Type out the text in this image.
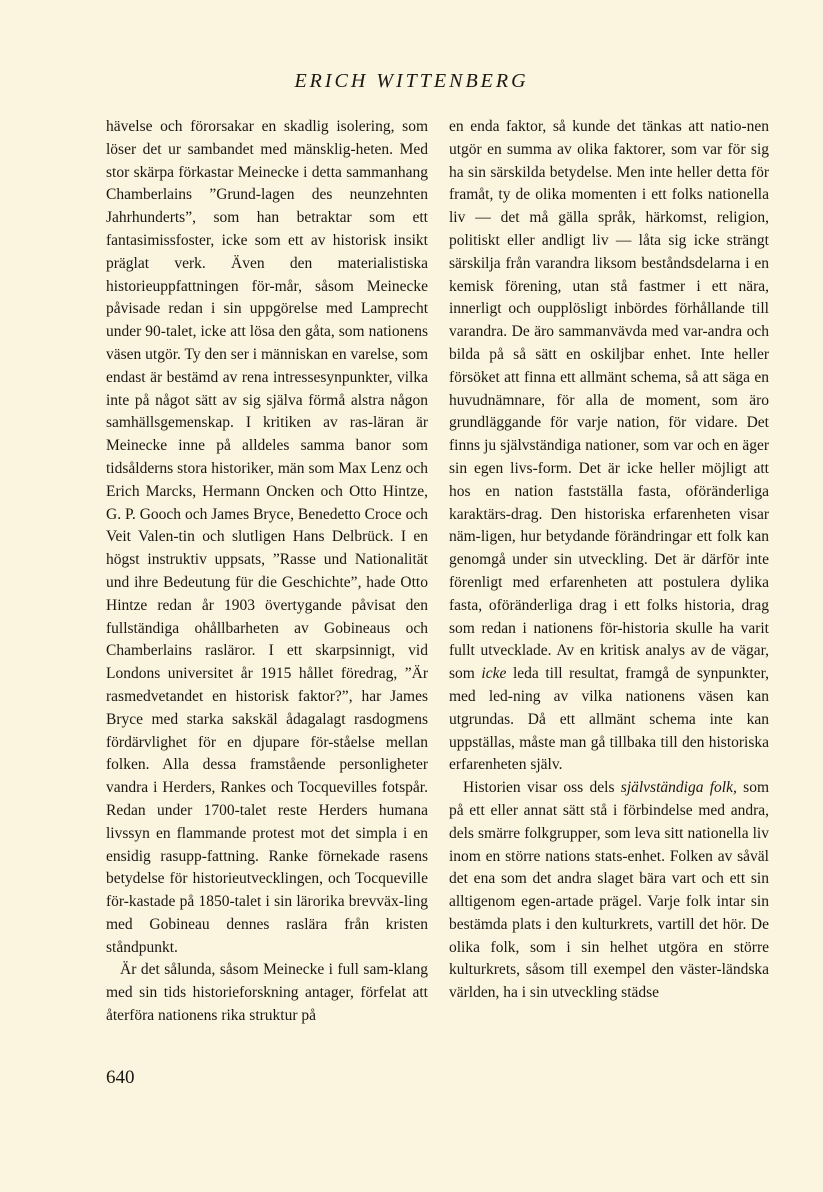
ERICH WITTENBERG

hävelse och förorsakar en skadlig isolering, som löser det ur sambandet med mänsklig-heten. Med stor skärpa förkastar Meinecke i detta sammanhang Chamberlains ”Grund-lagen des neunzehnten Jahrhunderts”, som han betraktar som ett fantasimissfoster, icke som ett av historisk insikt präglat verk. Även den materialistiska historieuppfattningen för-mår, såsom Meinecke påvisade redan i sin uppgörelse med Lamprecht under 90-talet, icke att lösa den gåta, som nationens väsen utgör. Ty den ser i människan en varelse, som endast är bestämd av rena intressesynpunkter, vilka inte på något sätt av sig själva förmå alstra någon samhällsgemenskap. I kritiken av ras-läran är Meinecke inne på alldeles samma banor som tidsålderns stora historiker, män som Max Lenz och Erich Marcks, Hermann Oncken och Otto Hintze, G. P. Gooch och James Bryce, Benedetto Croce och Veit Valen-tin och slutligen Hans Delbrück. I en högst instruktiv uppsats, ”Rasse und Nationalität und ihre Bedeutung für die Geschichte”, hade Otto Hintze redan år 1903 övertygande påvisat den fullständiga ohållbarheten av Gobineaus och Chamberlains rasläror. I ett skarpsinnigt, vid Londons universitet år 1915 hållet föredrag, ”Är rasmedvetandet en historisk faktor?”, har James Bryce med starka sakskäl ådagalagt rasdogmens fördärvlighet för en djupare för-ståelse mellan folken. Alla dessa framstående personligheter vandra i Herders, Rankes och Tocquevilles fotspår. Redan under 1700-talet reste Herders humana livssyn en flammande protest mot det simpla i en ensidig rasupp-fattning. Ranke förnekade rasens betydelse för historieutvecklingen, och Tocqueville för-kastade på 1850-talet i sin lärorika brevväx-ling med Gobineau dennes raslära från kristen ståndpunkt.

Är det sålunda, såsom Meinecke i full sam-klang med sin tids historieforskning antager, förfelat att återföra nationens rika struktur på

en enda faktor, så kunde det tänkas att natio-nen utgör en summa av olika faktorer, som var för sig ha sin särskilda betydelse. Men inte heller detta för framåt, ty de olika momenten i ett folks nationella liv — det må gälla språk, härkomst, religion, politiskt eller andligt liv — låta sig icke strängt särskilja från varandra liksom beståndsdelarna i en kemisk förening, utan stå fastmer i ett nära, innerligt och oupplösligt inbördes förhållande till varandra. De äro sammanvävda med var-andra och bilda på så sätt en oskiljbar enhet. Inte heller försöket att finna ett allmänt schema, så att säga en huvudnämnare, för alla de moment, som äro grundläggande för varje nation, för vidare. Det finns ju självständiga nationer, som var och en äger sin egen livs-form. Det är icke heller möjligt att hos en nation fastställa fasta, oföränderliga karaktärs-drag. Den historiska erfarenheten visar näm-ligen, hur betydande förändringar ett folk kan genomgå under sin utveckling. Det är därför inte förenligt med erfarenheten att postulera dylika fasta, oföränderliga drag i ett folks historia, drag som redan i nationens för-historia skulle ha varit fullt utvecklade. Av en kritisk analys av de vägar, som icke leda till resultat, framgå de synpunkter, med led-ning av vilka nationens väsen kan utgrundas. Då ett allmänt schema inte kan uppställas, måste man gå tillbaka till den historiska erfarenheten själv.

Historien visar oss dels självständiga folk, som på ett eller annat sätt stå i förbindelse med andra, dels smärre folkgrupper, som leva sitt nationella liv inom en större nations stats-enhet. Folken av såväl det ena som det andra slaget bära vart och ett sin alltigenom egen-artade prägel. Varje folk intar sin bestämda plats i den kulturkrets, vartill det hör. De olika folk, som i sin helhet utgöra en större kulturkrets, såsom till exempel den väster-ländska världen, ha i sin utveckling städse

640
